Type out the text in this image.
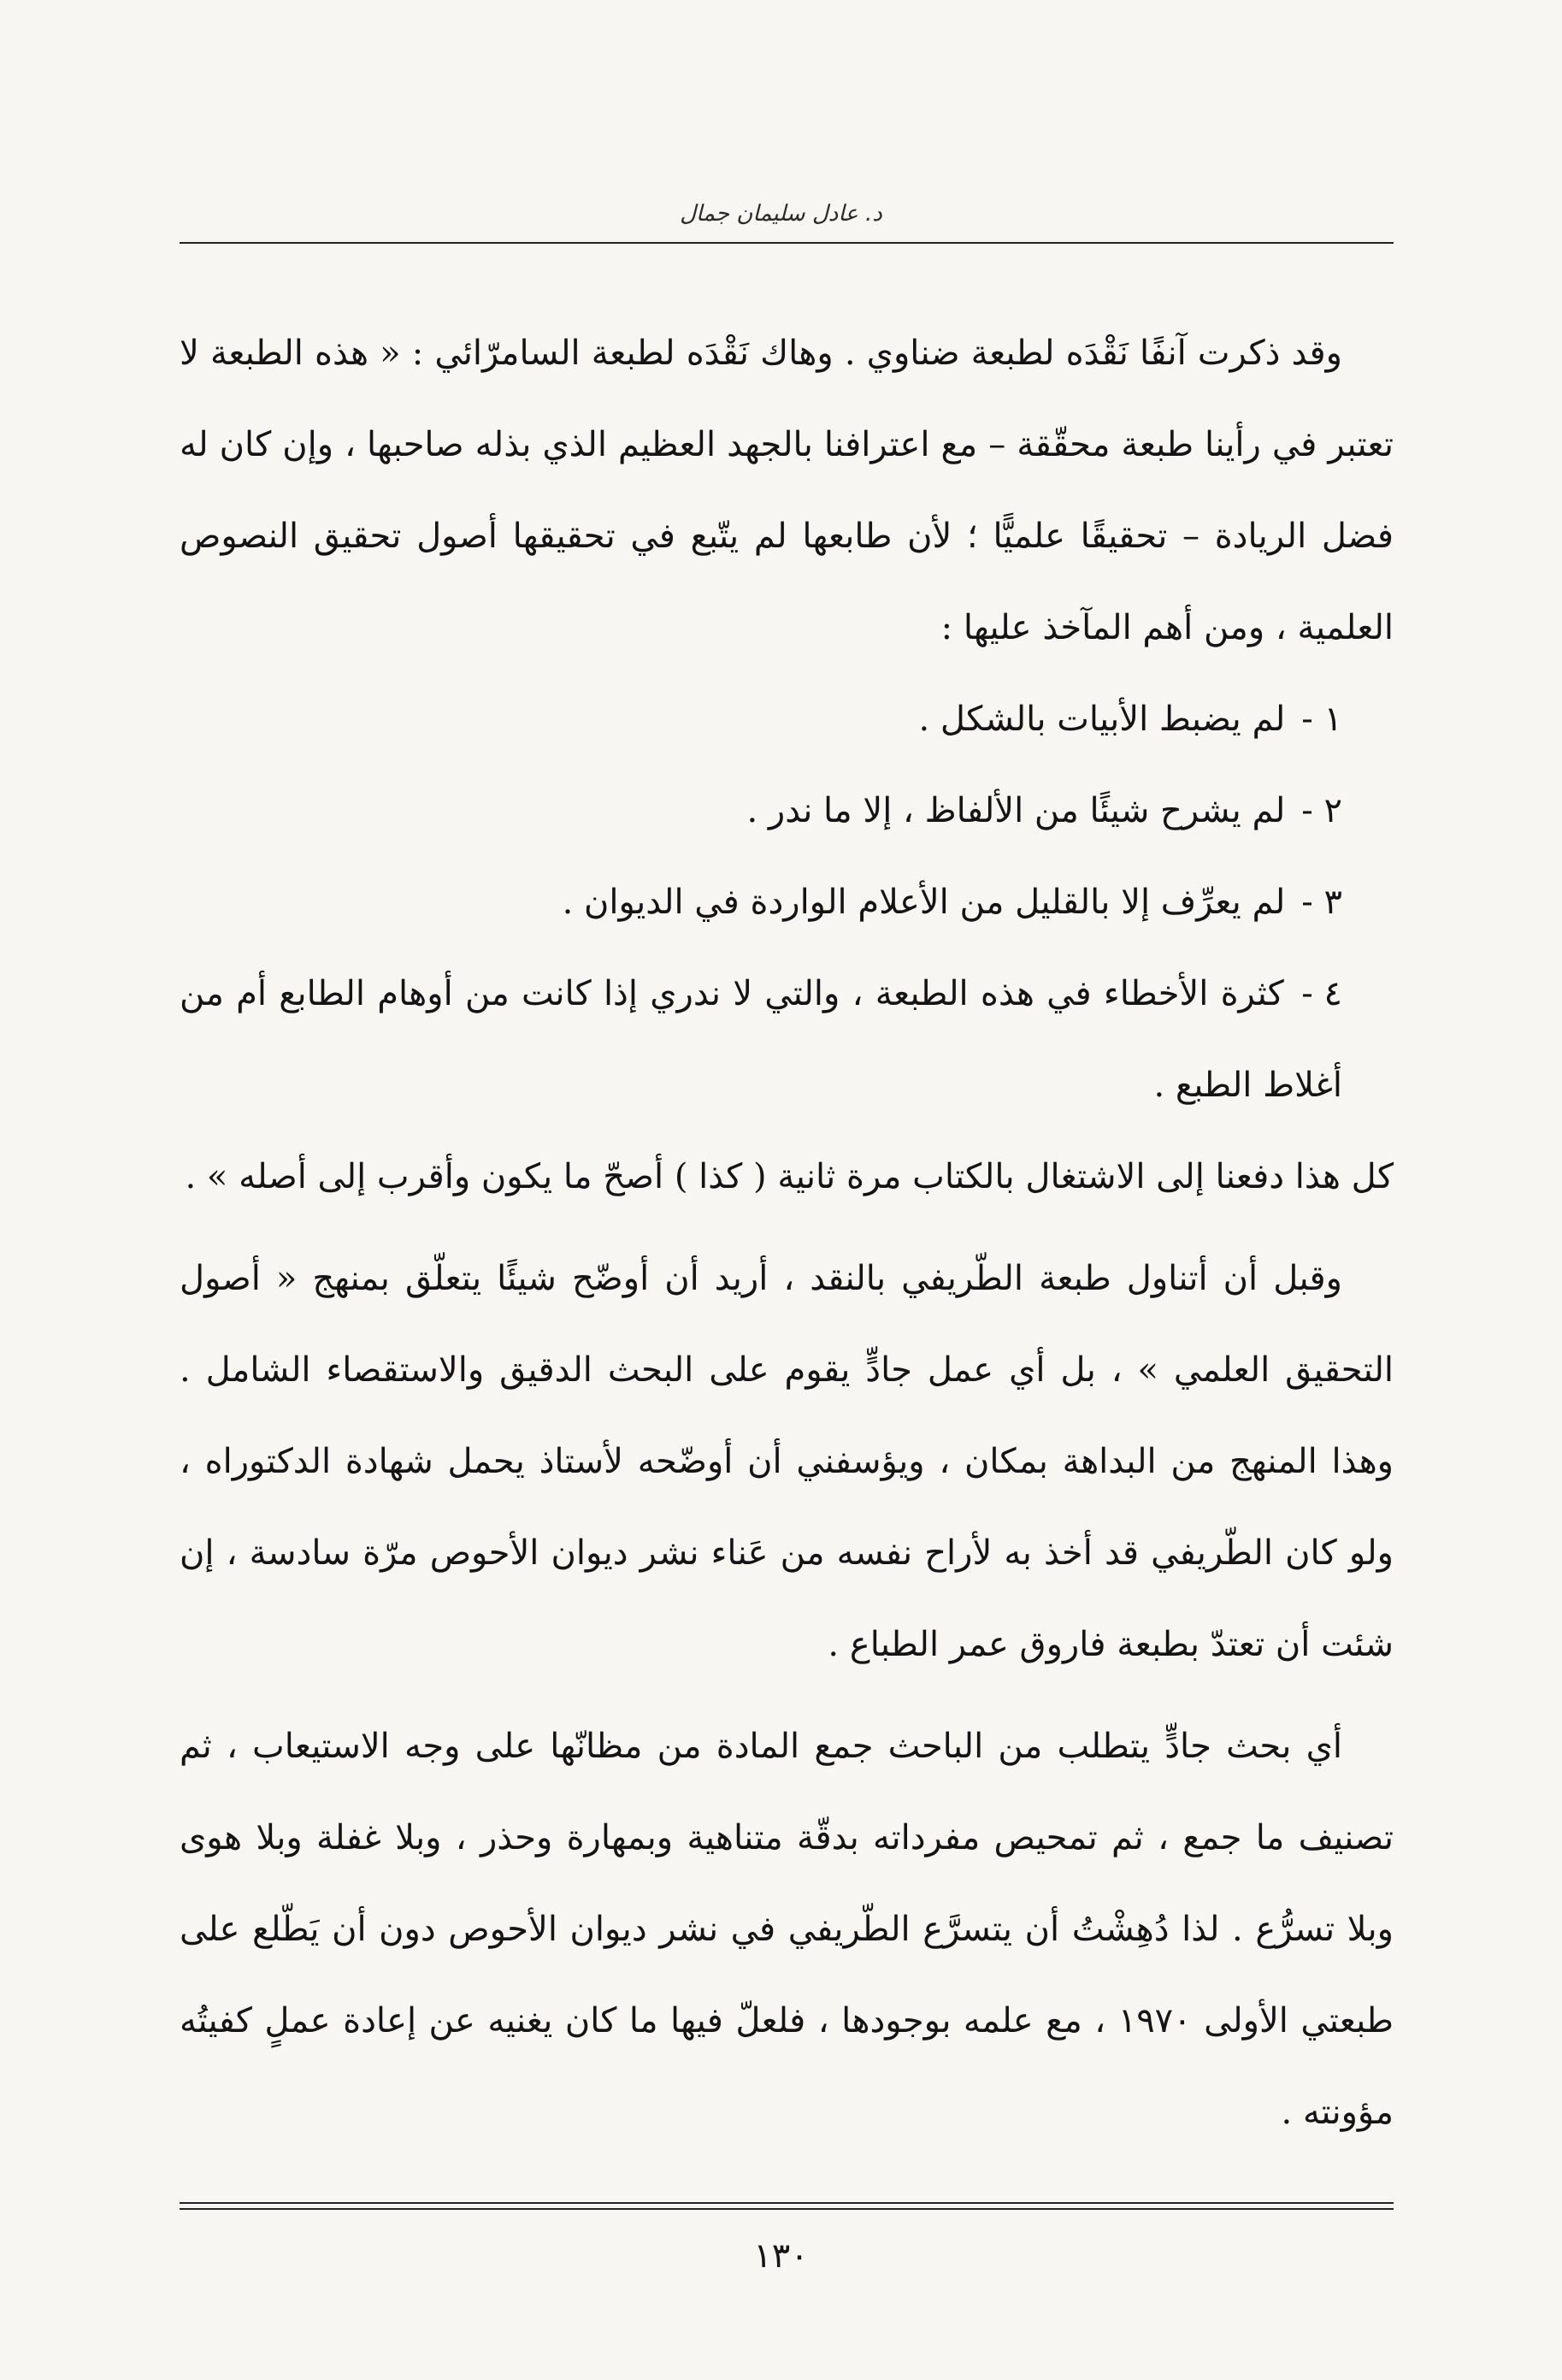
د. عادل سليمان جمال

وقد ذكرت آنفًا نَقْدَه لطبعة ضناوي . وهاك نَقْدَه لطبعة السامرّائي : « هذه الطبعة لا تعتبر في رأينا طبعة محقّقة – مع اعترافنا بالجهد العظيم الذي بذله صاحبها ، وإن كان له فضل الريادة – تحقيقًا علميًّا ؛ لأن طابعها لم يتّبع في تحقيقها أصول تحقيق النصوص العلمية ، ومن أهم المآخذ عليها :

١ - لم يضبط الأبيات بالشكل .
٢ - لم يشرح شيئًا من الألفاظ ، إلا ما ندر .
٣ - لم يعرِّف إلا بالقليل من الأعلام الواردة في الديوان .
٤ - كثرة الأخطاء في هذه الطبعة ، والتي لا ندري إذا كانت من أوهام الطابع أم من أغلاط الطبع .

كل هذا دفعنا إلى الاشتغال بالكتاب مرة ثانية ( كذا ) أصحّ ما يكون وأقرب إلى أصله » .

وقبل أن أتناول طبعة الطّريفي بالنقد ، أريد أن أوضّح شيئًا يتعلّق بمنهج « أصول التحقيق العلمي » ، بل أي عمل جادٍّ يقوم على البحث الدقيق والاستقصاء الشامل . وهذا المنهج من البداهة بمكان ، ويؤسفني أن أوضّحه لأستاذ يحمل شهادة الدكتوراه ، ولو كان الطّريفي قد أخذ به لأراح نفسه من عَناء نشر ديوان الأحوص مرّة سادسة ، إن شئت أن تعتدّ بطبعة فاروق عمر الطباع .

أي بحث جادٍّ يتطلب من الباحث جمع المادة من مظانّها على وجه الاستيعاب ، ثم تصنيف ما جمع ، ثم تمحيص مفرداته بدقّة متناهية وبمهارة وحذر ، وبلا غفلة وبلا هوى وبلا تسرُّع . لذا دُهِشْتُ أن يتسرَّع الطّريفي في نشر ديوان الأحوص دون أن يَطّلع على طبعتي الأولى ١٩٧٠ ، مع علمه بوجودها ، فلعلّ فيها ما كان يغنيه عن إعادة عملٍ كفيتُه مؤونته .

١٣٠
